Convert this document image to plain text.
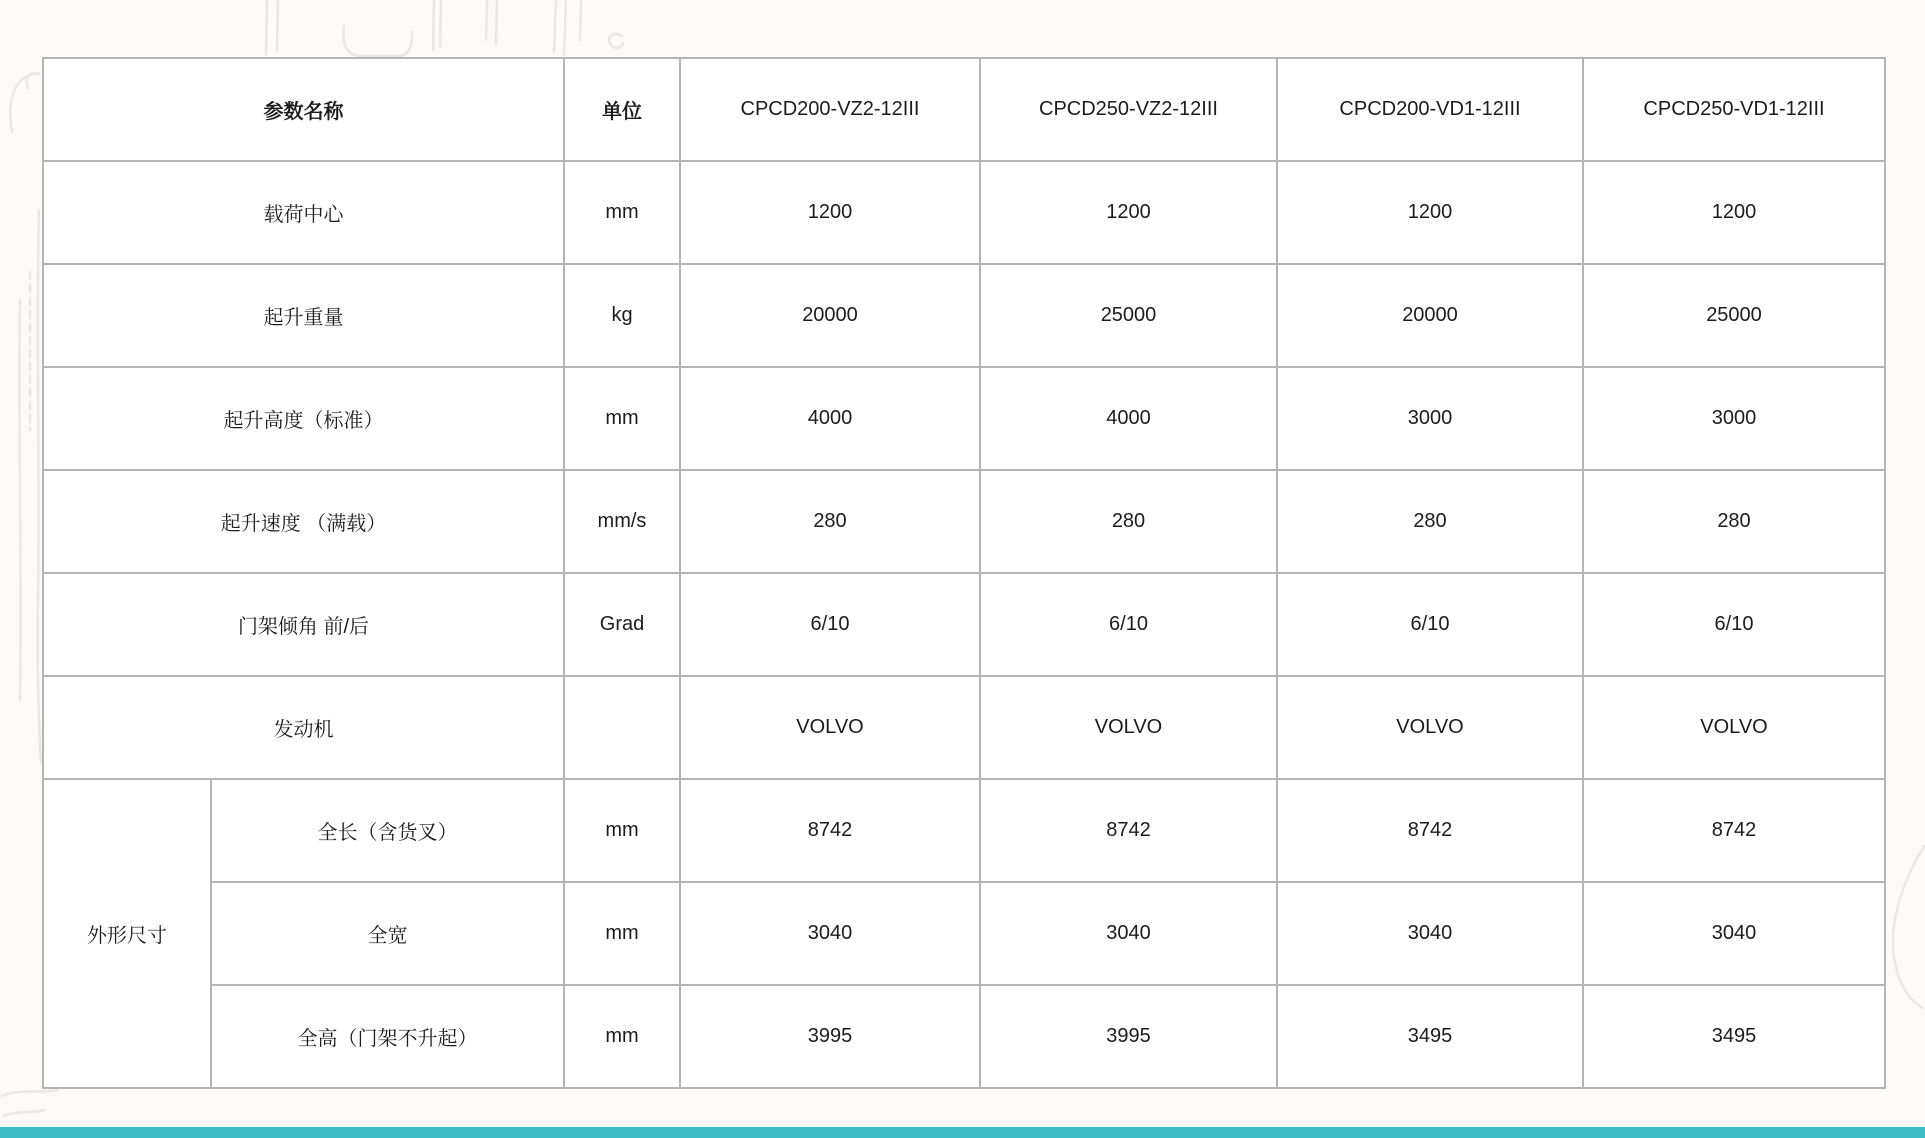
参数名称		单位	CPCD200-VZ2-12III	CPCD250-VZ2-12III	CPCD200-VD1-12III	CPCD250-VD1-12III
载荷中心		mm	1200	1200	1200	1200
起升重量		kg	20000	25000	20000	25000
起升高度（标准）		mm	4000	4000	3000	3000
起升速度 （满载）		mm/s	280	280	280	280
门架倾角 前/后		Grad	6/10	6/10	6/10	6/10
发动机			VOLVO	VOLVO	VOLVO	VOLVO
外形尺寸	全长（含货叉）	mm	8742	8742	8742	8742
	全宽	mm	3040	3040	3040	3040
	全高（门架不升起）	mm	3995	3995	3495	3495
